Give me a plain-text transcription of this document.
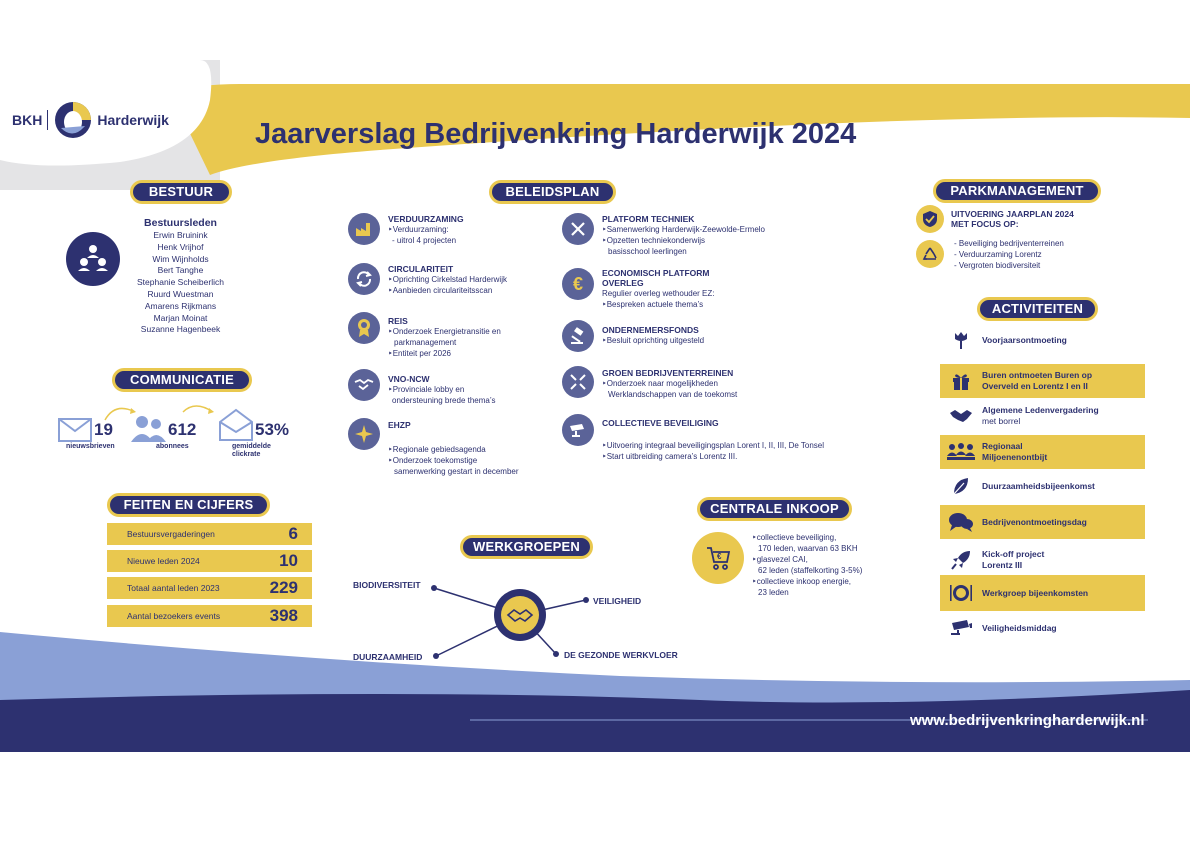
BKH	Harderwijk	Jaarverslag Bedrijvenkring Harderwijk 2024
BESTUUR
Bestuursleden
Erwin Bruinink
Henk Vrijhof
Wim Wijnholds
Bert Tanghe
Stephanie Scheiberlich
Ruurd Wuestman
Amarens Rijkmans
Marjan Moinat
Suzanne Hagenbeek
COMMUNICATIE
19
nieuwsbrieven
612
abonnees
53%
gemiddelde clickrate
FEITEN EN CIJFERS
Bestuursvergaderingen	6
Nieuwe leden 2024	10
Totaal aantal leden 2023	229
Aantal bezoekers events	398
BELEIDSPLAN
VERDUURZAMING
‣ Verduurzaming:
- uitrol 4 projecten
CIRCULARITEIT
‣ Oprichting Cirkelstad Harderwijk
‣ Aanbieden circulariteitsscan
REIS
‣ Onderzoek Energietransitie en
parkmanagement
‣ Entiteit per 2026
VNO-NCW
‣ Provinciale lobby en
ondersteuning brede thema’s
EHZP
‣ Regionale gebiedsagenda
‣ Onderzoek toekomstige
samenwerking gestart in december
PLATFORM TECHNIEK
‣ Samenwerking Harderwijk-Zeewolde-Ermelo
‣ Opzetten techniekonderwijs
basisschool leerlingen
€
ECONOMISCH PLATFORM
OVERLEG
Regulier overleg wethouder EZ:
‣ Bespreken actuele thema’s
ONDERNEMERSFONDS
‣ Besluit oprichting uitgesteld
GROEN BEDRIJVENTERREINEN
‣ Onderzoek naar mogelijkheden
Werklandschappen van de toekomst
COLLECTIEVE BEVEILIGING
‣ Uitvoering integraal beveiligingsplan Lorent I, II, III, De Tonsel
‣ Start uitbreiding camera’s Lorentz III.
WERKGROEPEN
BIODIVERSITEIT
VEILIGHEID
DUURZAAMHEID	DE GEZONDE WERKVLOER
CENTRALE INKOOP
€
‣ collectieve beveiliging,
170 leden, waarvan 63 BKH
‣ glasvezel CAI,
62 leden (staffelkorting 3-5%)
‣ collectieve inkoop energie,
23 leden
PARKMANAGEMENT
UITVOERING JAARPLAN 2024
MET FOCUS OP:
- Beveiliging bedrijventerreinen
- Verduurzaming Lorentz
- Vergroten biodiversiteit
ACTIVITEITEN
Voorjaarsontmoeting
Buren ontmoeten Buren op
Overveld en Lorentz I en II
Algemene Ledenvergadering
met borrel
Regionaal
Miljoenenontbijt
Duurzaamheidsbijeenkomst
Bedrijvenontmoetingsdag
Kick-off project
Lorentz III
Werkgroep bijeenkomsten
Veiligheidsmiddag
www.bedrijvenkringharderwijk.nl
